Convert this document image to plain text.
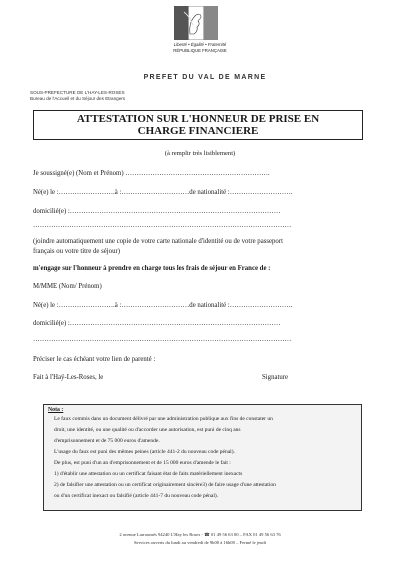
Liberté • Égalité • Fraternité
RÉPUBLIQUE FRANÇAISE
PREFET DU VAL DE MARNE
SOUS-PREFECTURE DE L'HAY-LES-ROSES
Bureau de l'Accueil et du Séjour des Etrangers
ATTESTATION SUR L'HONNEUR DE PRISE EN CHARGE FINANCIERE
(à remplir très lisiblement)
Je soussigné(e) (Nom et Prénom) ……………………………………………………….
Né(e) le :…………………….à :…………………………de nationalité :……………………….
domicilié(e) :…………………………………………………………………………………
……………………………………………………………………………………………………
(joindre automatiquement une copie de votre carte nationale d'identité ou de votre passeport
français ou votre titre de séjour)
m'engage sur l'honneur à prendre en charge tous les frais de séjour en France de :
M/MME (Nom/ Prénom)
Né(e) le :…………………….à :…………………………de nationalité :……………………….
domicilié(e) :…………………………………………………………………………………
……………………………………………………………………………………………………
Préciser le cas échéant votre lien de parenté :
Fait à l'Haÿ-Les-Roses, le	Signature
Nota :
Le faux commis dans un document délivré par une administration publique aux fins de constater un
droit, une identité, ou une qualité ou d'accorder une autorisation, est puni de cinq ans
d'emprisonnement et de 75 000 euros d'amende.
L'usage du faux est puni des mêmes peines (article 441-2 du nouveau code pénal).
De plus, est puni d'un an d'emprisonnement et de 15 000 euros d'amende le fait :
1) d'établir une attestation ou un certificat faisant état de faits matériellement inexacts
2) de falsifier une attestation ou un certificat originairement sincère3) de faire usage d'une attestation
ou d'un certificat inexact ou falsifié (article 441-7 du nouveau code pénal).
2 avenue Larroumès 94240 L'Hay les Roses - ☎ 01 49 56 63 00 – FAX 01 49 56 63 76
Services ouverts du lundi au vendredi de 9h00 à 16h00 – Fermé le jeudi
